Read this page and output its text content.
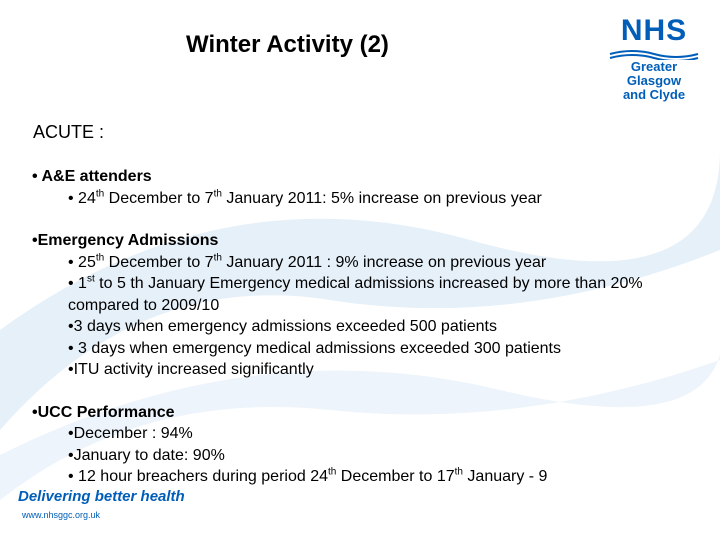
Winter Activity (2)	NHS
Greater Glasgow
and Clyde
ACUTE :
• A&E attenders
• 24th December to 7th January 2011: 5% increase on previous year
•Emergency Admissions
• 25th December to 7th January 2011 : 9% increase on previous year
• 1st to 5 th January Emergency medical admissions increased by more than 20% compared to 2009/10
•3 days when emergency admissions exceeded 500 patients
• 3 days when emergency medical admissions exceeded 300 patients
•ITU activity increased significantly
•UCC Performance
•December : 94%
•January to date: 90%
• 12 hour breachers during period 24th December to 17th January - 9
Delivering better health
www.nhsggc.org.uk
